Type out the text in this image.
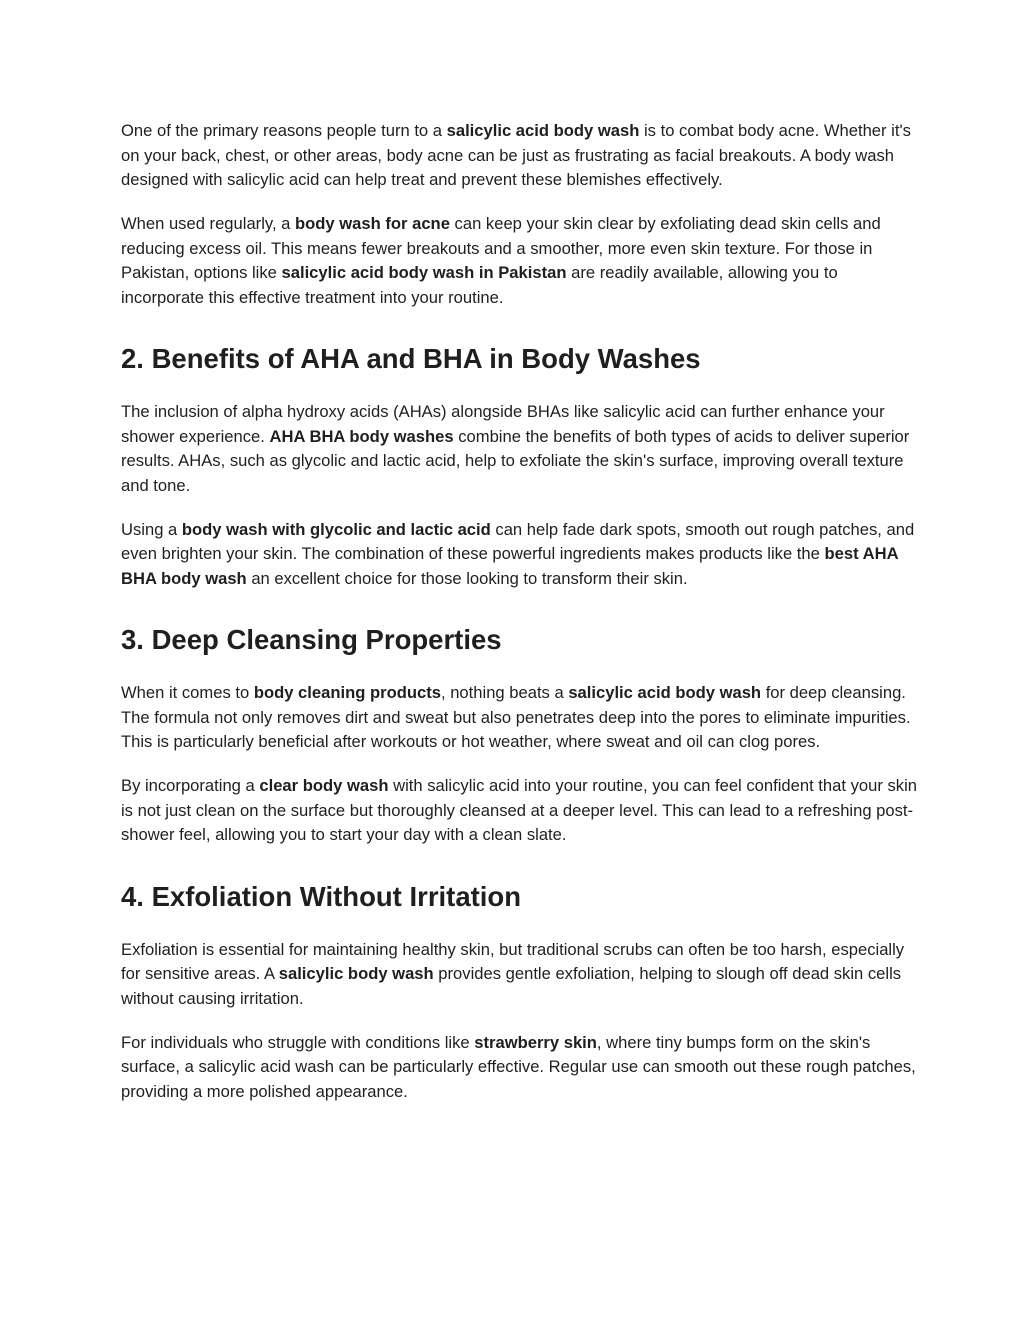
One of the primary reasons people turn to a salicylic acid body wash is to combat body acne. Whether it's on your back, chest, or other areas, body acne can be just as frustrating as facial breakouts. A body wash designed with salicylic acid can help treat and prevent these blemishes effectively.

When used regularly, a body wash for acne can keep your skin clear by exfoliating dead skin cells and reducing excess oil. This means fewer breakouts and a smoother, more even skin texture. For those in Pakistan, options like salicylic acid body wash in Pakistan are readily available, allowing you to incorporate this effective treatment into your routine.

2. Benefits of AHA and BHA in Body Washes

The inclusion of alpha hydroxy acids (AHAs) alongside BHAs like salicylic acid can further enhance your shower experience. AHA BHA body washes combine the benefits of both types of acids to deliver superior results. AHAs, such as glycolic and lactic acid, help to exfoliate the skin's surface, improving overall texture and tone.

Using a body wash with glycolic and lactic acid can help fade dark spots, smooth out rough patches, and even brighten your skin. The combination of these powerful ingredients makes products like the best AHA BHA body wash an excellent choice for those looking to transform their skin.

3. Deep Cleansing Properties

When it comes to body cleaning products, nothing beats a salicylic acid body wash for deep cleansing. The formula not only removes dirt and sweat but also penetrates deep into the pores to eliminate impurities. This is particularly beneficial after workouts or hot weather, where sweat and oil can clog pores.

By incorporating a clear body wash with salicylic acid into your routine, you can feel confident that your skin is not just clean on the surface but thoroughly cleansed at a deeper level. This can lead to a refreshing post-shower feel, allowing you to start your day with a clean slate.

4. Exfoliation Without Irritation

Exfoliation is essential for maintaining healthy skin, but traditional scrubs can often be too harsh, especially for sensitive areas. A salicylic body wash provides gentle exfoliation, helping to slough off dead skin cells without causing irritation.

For individuals who struggle with conditions like strawberry skin, where tiny bumps form on the skin's surface, a salicylic acid wash can be particularly effective. Regular use can smooth out these rough patches, providing a more polished appearance.
